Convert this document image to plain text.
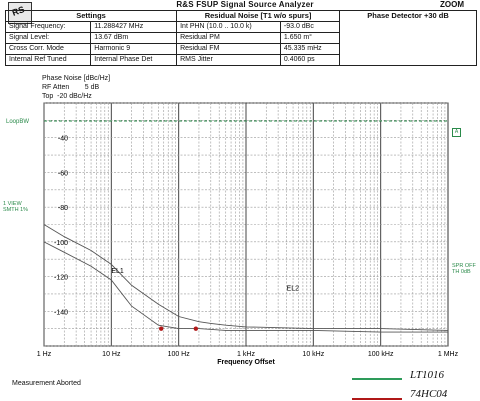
RS	R&S FSUP Signal Source Analyzer	ZOOM
Settings		Residual Noise [T1 w/o spurs]		Phase Detector +30 dB
Signal Frequency:	11.288427 MHz	Int PHN (10.0 .. 10.0 k)	-93.0 dBc	
Signal Level:	13.67 dBm	Residual PM	1.650 m°	
Cross Corr. Mode	Harmonic 9	Residual FM	45.335 mHz	
Internal Ref Tuned	Internal Phase Det	RMS Jitter	0.4060 ps	
Phase Noise [dBc/Hz]
RF Atten        5 dB
Top  -20 dBc/Hz
LoopBW
1 VIEW
SMTH 1%
SPR OFF
TH 0dB
A
-40
-60
-80
-100
-120
-140
1 Hz	10 Hz	100 Hz	1 kHz	10 kHz	100 kHz	1 MHz
EL1
EL2
Frequency Offset
Measurement Aborted
LT1016
74HC04
